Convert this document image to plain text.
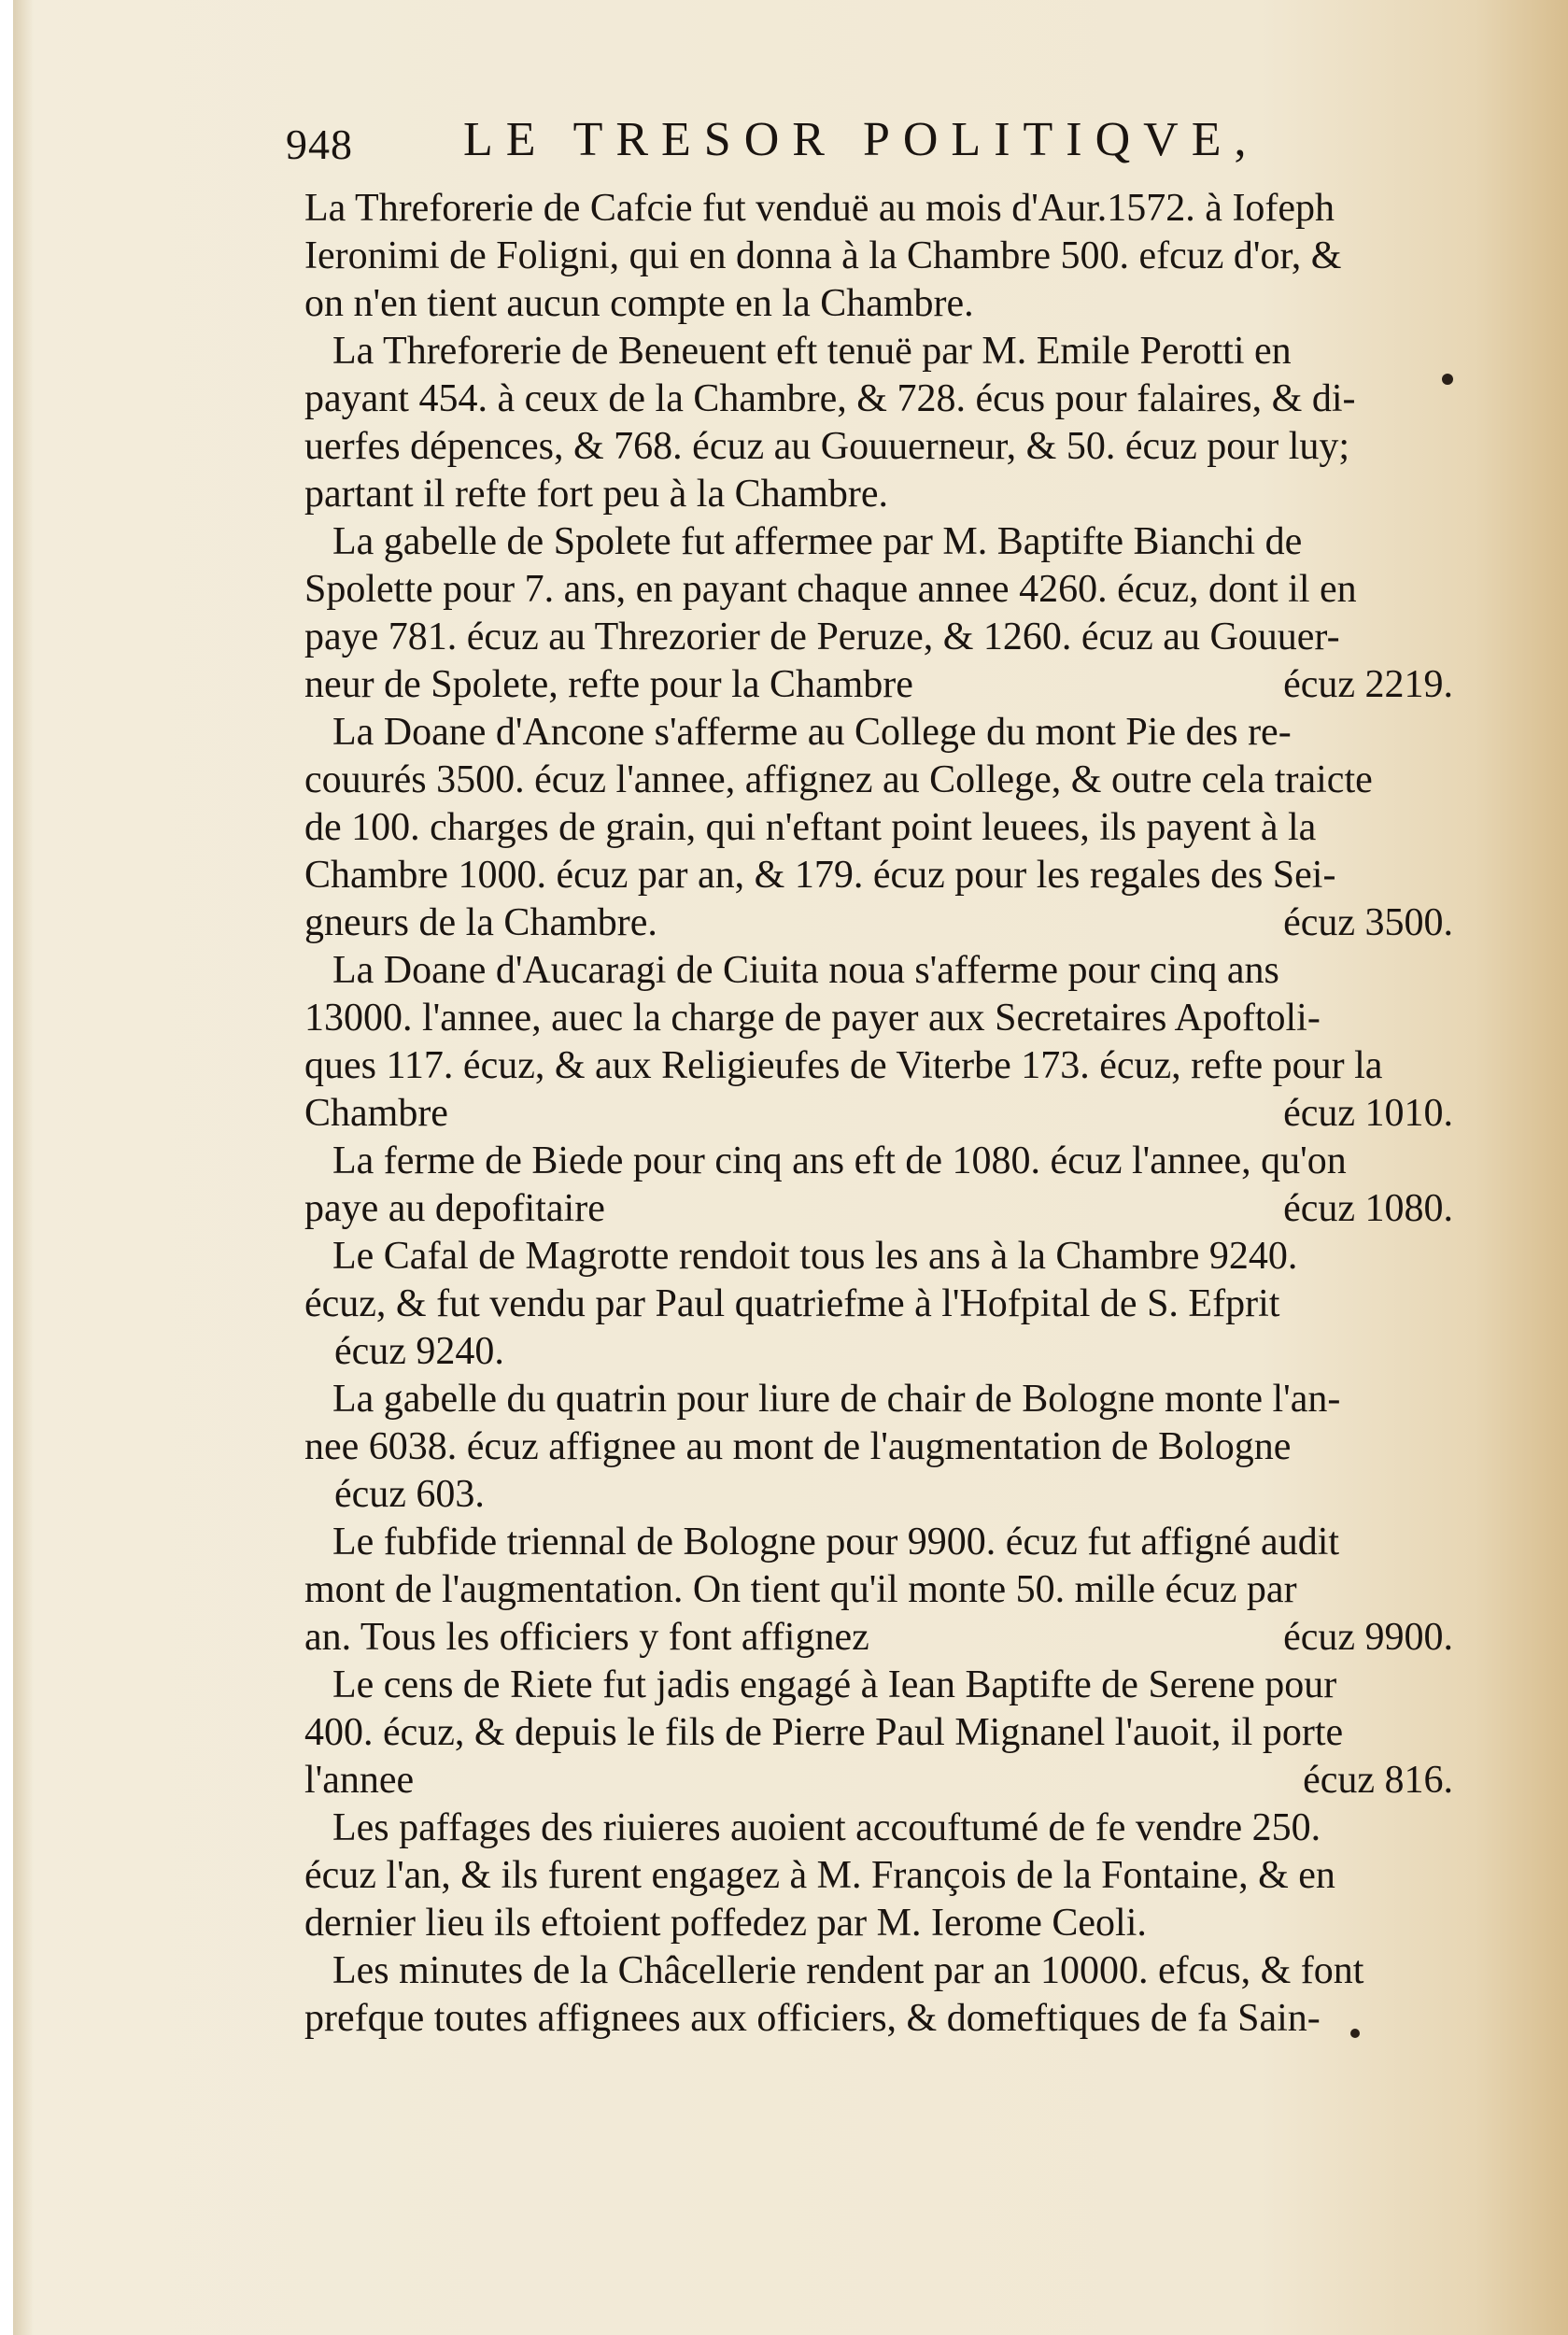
948 LE TRESOR POLITIQVE,
La Threforerie de Cafcie fut venduë au mois d'Aur.1572. à Iofeph
Ieronimi de Foligni, qui en donna à la Chambre 500. efcuz d'or, &
on n'en tient aucun compte en la Chambre.
La Threforerie de Beneuent eft tenuë par M. Emile Perotti en
payant 454. à ceux de la Chambre, & 728. écus pour falaires, & di-
uerfes dépences, & 768. écuz au Gouuerneur, & 50. écuz pour luy;
partant il refte fort peu à la Chambre.
La gabelle de Spolete fut affermee par M. Baptifte Bianchi de
Spolette pour 7. ans, en payant chaque annee 4260. écuz, dont il en
paye 781. écuz au Threzorier de Peruze, & 1260. écuz au Gouuer-
neur de Spolete, refte pour la Chambre	écuz 2219.
La Doane d'Ancone s'afferme au College du mont Pie des re-
couurés 3500. écuz l'annee, affignez au College, & outre cela traicte
de 100. charges de grain, qui n'eftant point leuees, ils payent à la
Chambre 1000. écuz par an, & 179. écuz pour les regales des Sei-
gneurs de la Chambre.	écuz 3500.
La Doane d'Aucaragi de Ciuita noua s'afferme pour cinq ans
13000. l'annee, auec la charge de payer aux Secretaires Apoftoli-
ques 117. écuz, & aux Religieufes de Viterbe 173. écuz, refte pour la
Chambre	écuz 1010.
La ferme de Biede pour cinq ans eft de 1080. écuz l'annee, qu'on
paye au depofitaire	écuz 1080.
Le Cafal de Magrotte rendoit tous les ans à la Chambre 9240.
écuz, & fut vendu par Paul quatriefme à l'Hofpital de S. Efprit
écuz 9240.
La gabelle du quatrin pour liure de chair de Bologne monte l'an-
nee 6038. écuz affignee au mont de l'augmentation de Bologne
écuz 603.
Le fubfide triennal de Bologne pour 9900. écuz fut affigné audit
mont de l'augmentation. On tient qu'il monte 50. mille écuz par
an. Tous les officiers y font affignez	écuz 9900.
Le cens de Riete fut jadis engagé à Iean Baptifte de Serene pour
400. écuz, & depuis le fils de Pierre Paul Mignanel l'auoit, il porte
l'annee	écuz 816.
Les paffages des riuieres auoient accouftumé de fe vendre 250.
écuz l'an, & ils furent engagez à M. François de la Fontaine, & en
dernier lieu ils eftoient poffedez par M. Ierome Ceoli.
Les minutes de la Châcellerie rendent par an 10000. efcus, & font
prefque toutes affignees aux officiers, & domeftiques de fa Sain-
